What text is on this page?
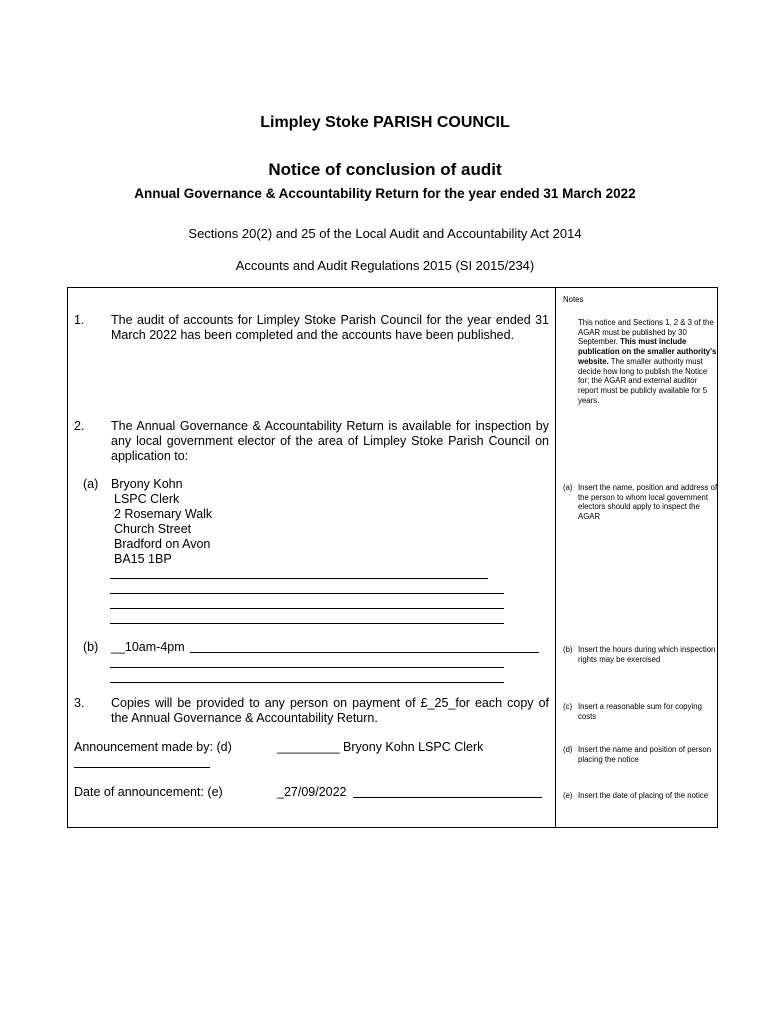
Limpley Stoke PARISH COUNCIL
Notice of conclusion of audit
Annual Governance & Accountability Return for the year ended 31 March 2022
Sections 20(2) and 25 of the Local Audit and Accountability Act 2014
Accounts and Audit Regulations 2015 (SI 2015/234)
1. The audit of accounts for Limpley Stoke Parish Council for the year ended 31 March 2022 has been completed and the accounts have been published.
2. The Annual Governance & Accountability Return is available for inspection by any local government elector of the area of Limpley Stoke Parish Council on application to:
(a) Bryony Kohn
LSPC Clerk
2 Rosemary Walk
Church Street
Bradford on Avon
BA15 1BP
(b) __10am-4pm
3. Copies will be provided to any person on payment of £_25_for each copy of the Annual Governance & Accountability Return.
Announcement made by: (d)	_________ Bryony Kohn LSPC Clerk
Date of announcement: (e)	_27/09/2022
Notes
This notice and Sections 1, 2 & 3 of the AGAR must be published by 30 September. This must include publication on the smaller authority's website. The smaller authority must decide how long to publish the Notice for; the AGAR and external auditor report must be publicly available for 5 years.
(a) Insert the name, position and address of the person to whom local government electors should apply to inspect the AGAR
(b) Insert the hours during which inspection rights may be exercised
(c) Insert a reasonable sum for copying costs
(d) Insert the name and position of person placing the notice
(e) Insert the date of placing of the notice
